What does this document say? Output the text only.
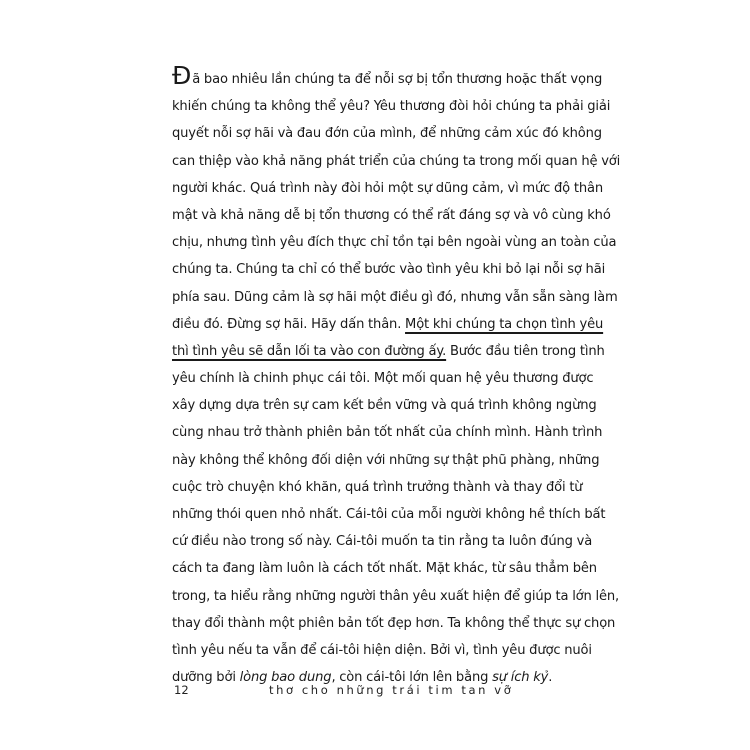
Đã bao nhiêu lần chúng ta để nỗi sợ bị tổn thương hoặc thất vọng
khiến chúng ta không thể yêu? Yêu thương đòi hỏi chúng ta phải giải
quyết nỗi sợ hãi và đau đớn của mình, để những cảm xúc đó không
can thiệp vào khả năng phát triển của chúng ta trong mối quan hệ với
người khác. Quá trình này đòi hỏi một sự dũng cảm, vì mức độ thân
mật và khả năng dễ bị tổn thương có thể rất đáng sợ và vô cùng khó
chịu, nhưng tình yêu đích thực chỉ tồn tại bên ngoài vùng an toàn của
chúng ta. Chúng ta chỉ có thể bước vào tình yêu khi bỏ lại nỗi sợ hãi
phía sau. Dũng cảm là sợ hãi một điều gì đó, nhưng vẫn sẵn sàng làm
điều đó. Đừng sợ hãi. Hãy dấn thân. Một khi chúng ta chọn tình yêu
thì tình yêu sẽ dẫn lối ta vào con đường ấy. Bước đầu tiên trong tình
yêu chính là chinh phục cái tôi. Một mối quan hệ yêu thương được
xây dựng dựa trên sự cam kết bền vững và quá trình không ngừng
cùng nhau trở thành phiên bản tốt nhất của chính mình. Hành trình
này không thể không đối diện với những sự thật phũ phàng, những
cuộc trò chuyện khó khăn, quá trình trưởng thành và thay đổi từ
những thói quen nhỏ nhất. Cái-tôi của mỗi người không hề thích bất
cứ điều nào trong số này. Cái-tôi muốn ta tin rằng ta luôn đúng và
cách ta đang làm luôn là cách tốt nhất. Mặt khác, từ sâu thẳm bên
trong, ta hiểu rằng những người thân yêu xuất hiện để giúp ta lớn lên,
thay đổi thành một phiên bản tốt đẹp hơn. Ta không thể thực sự chọn
tình yêu nếu ta vẫn để cái-tôi hiện diện. Bởi vì, tình yêu được nuôi
dưỡng bởi lòng bao dung, còn cái-tôi lớn lên bằng sự ích kỷ.
12	thơ cho những trái tim tan vỡ
